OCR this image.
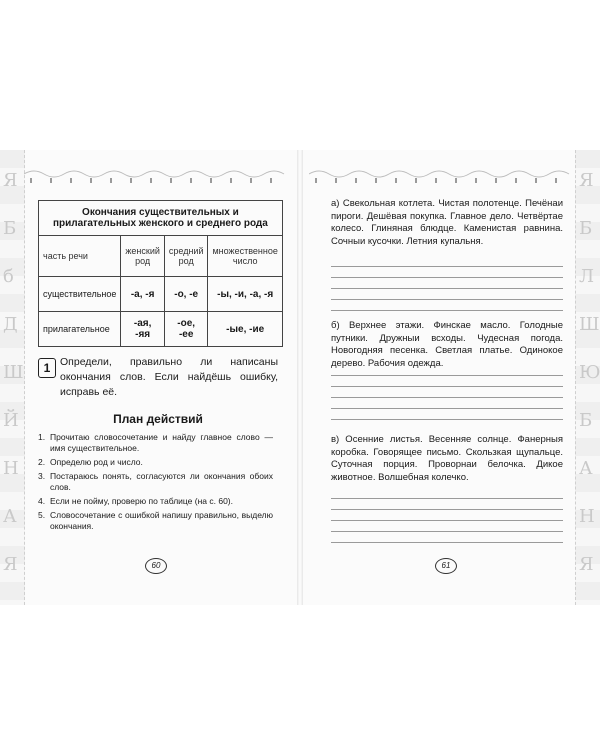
Я
Б
б
Д
Ш
Й
Н
А
Я
Окончания существительных и прилагательных женского и среднего рода			
часть речи	женский род	средний род	множественное число
существительное	-а, -я	-о, -е	-ы, -и, -а, -я
прилагательное	-ая, -яя	-ое, -ее	-ые, -ие
1 Определи, правильно ли написаны окончания слов. Если найдёшь ошибку, исправь её.
План действий
1. Прочитаю словосочетание и найду главное слово — имя существительное.
2. Определю род и число.
3. Постараюсь понять, согласуются ли окончания обоих слов.
4. Если не пойму, проверю по таблице (на с. 60).
5. Словосочетание с ошибкой напишу правильно, выделю окончания.
60
Я
Б
Л
Ш
Ю
Б
А
Н
Я
а) Свекольная котлета. Чистая полотенце. Печёнаи пироги. Дешёвая покупка. Главное дело. Четвёртае колесо. Глиняная блюдце. Каменистая равнина. Сочныи кусочки. Летния купальня.
б) Верхнее этажи. Финскае масло. Голодные путники. Дружныи всходы. Чудесная погода. Новогодняя песенка. Светлая платье. Одинокое дерево. Рабочия одежда.
в) Осенние листья. Весенняе солнце. Фанерныя коробка. Говорящее письмо. Скользкая щупальце. Суточная порция. Проворнаи белочка. Дикое животное. Волшебная колечко.
61
